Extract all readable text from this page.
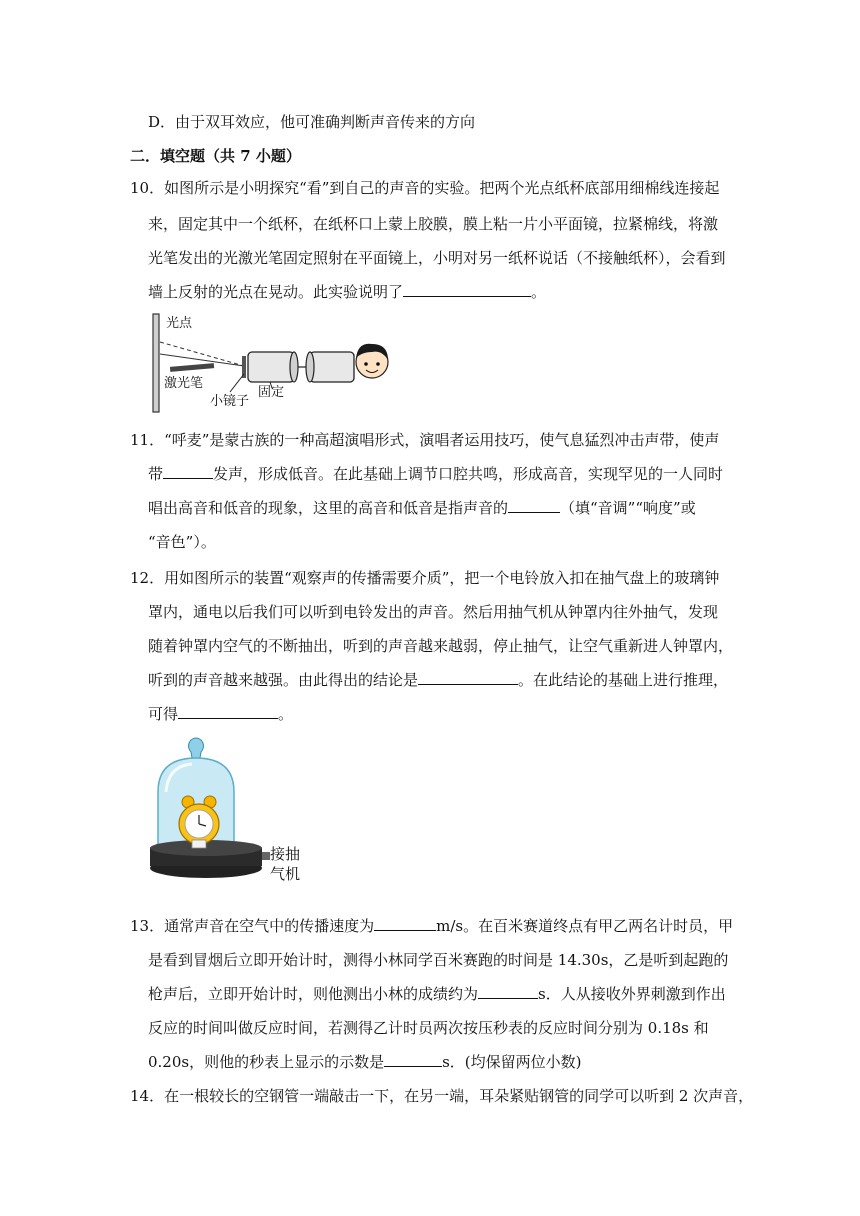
D．由于双耳效应，他可准确判断声音传来的方向
二．填空题（共 7 小题）
10．如图所示是小明探究“看”到自己的声音的实验。把两个光点纸杯底部用细棉线连接起
来，固定其中一个纸杯，在纸杯口上蒙上胶膜，膜上粘一片小平面镜，拉紧棉线，将激
光笔发出的光激光笔固定照射在平面镜上，小明对另一纸杯说话（不接触纸杯），会看到
墙上反射的光点在晃动。此实验说明了	。
光点
激光笔
小镜子
固定
11．“呼麦”是蒙古族的一种高超演唱形式，演唱者运用技巧，使气息猛烈冲击声带，使声
带	发声，形成低音。在此基础上调节口腔共鸣，形成高音，实现罕见的一人同时
唱出高音和低音的现象，这里的高音和低音是指声音的	（填“音调”“响度”或
“音色”）。
12．用如图所示的装置“观察声的传播需要介质”，把一个电铃放入扣在抽气盘上的玻璃钟
罩内，通电以后我们可以听到电铃发出的声音。然后用抽气机从钟罩内往外抽气，发现
随着钟罩内空气的不断抽出，听到的声音越来越弱，停止抽气，让空气重新进人钟罩内，
听到的声音越来越强。由此得出的结论是	。在此结论的基础上进行推理，
可得	。
接抽
气机
13．通常声音在空气中的传播速度为	m/s。在百米赛道终点有甲乙两名计时员，甲
是看到冒烟后立即开始计时，测得小林同学百米赛跑的时间是 14.30s，乙是听到起跑的
枪声后，立即开始计时，则他测出小林的成绩约为	s．人从接收外界刺激到作出
反应的时间叫做反应时间，若测得乙计时员两次按压秒表的反应时间分别为 0.18s 和
0.20s，则他的秒表上显示的示数是	s．(均保留两位小数)
14．在一根较长的空钢管一端敲击一下，在另一端，耳朵紧贴钢管的同学可以听到 2 次声音，
